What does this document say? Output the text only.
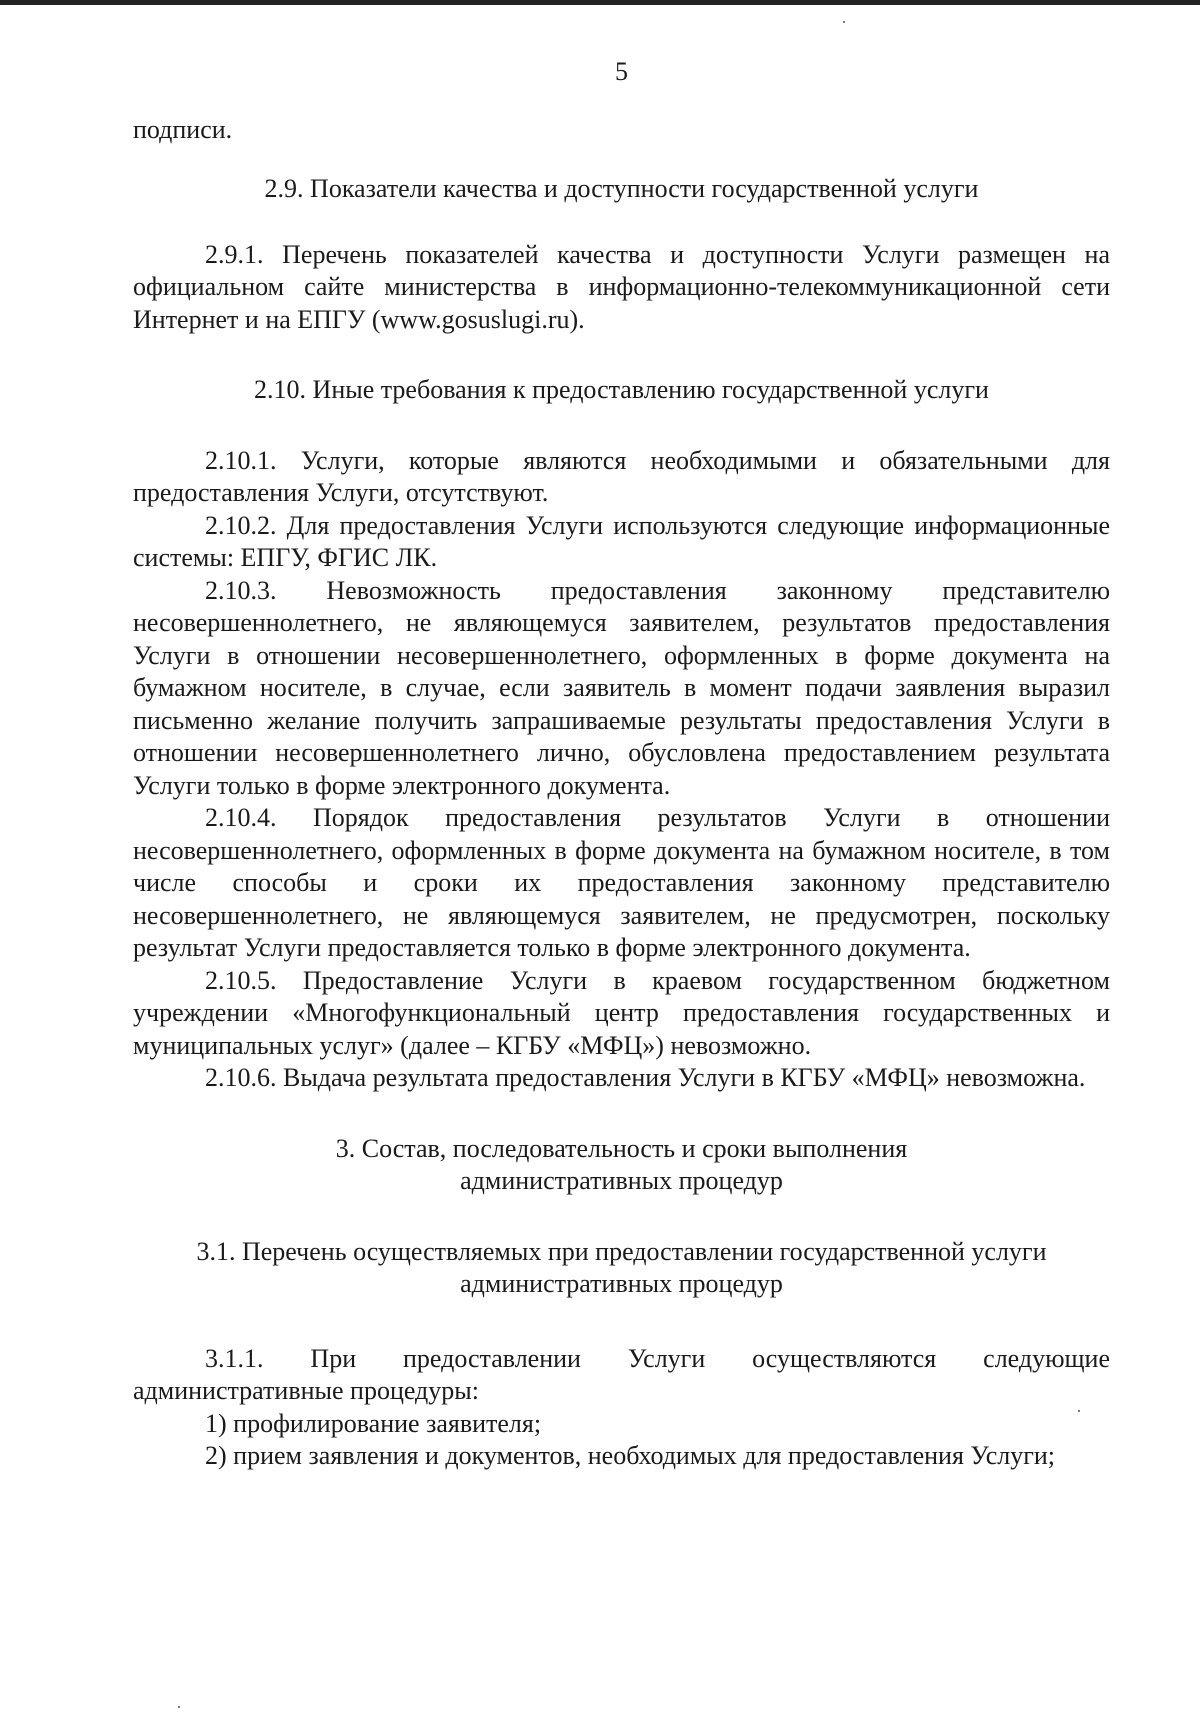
5

подписи.

2.9. Показатели качества и доступности государственной услуги

2.9.1. Перечень показателей качества и доступности Услуги размещен на официальном сайте министерства в информационно-телекоммуникационной сети Интернет и на ЕПГУ (www.gosuslugi.ru).

2.10. Иные требования к предоставлению государственной услуги

2.10.1. Услуги, которые являются необходимыми и обязательными для предоставления Услуги, отсутствуют.

2.10.2. Для предоставления Услуги используются следующие информационные системы: ЕПГУ, ФГИС ЛК.

2.10.3. Невозможность предоставления законному представителю несовершеннолетнего, не являющемуся заявителем, результатов предоставления Услуги в отношении несовершеннолетнего, оформленных в форме документа на бумажном носителе, в случае, если заявитель в момент подачи заявления выразил письменно желание получить запрашиваемые результаты предоставления Услуги в отношении несовершеннолетнего лично, обусловлена предоставлением результата Услуги только в форме электронного документа.

2.10.4. Порядок предоставления результатов Услуги в отношении несовершеннолетнего, оформленных в форме документа на бумажном носителе, в том числе способы и сроки их предоставления законному представителю несовершеннолетнего, не являющемуся заявителем, не предусмотрен, поскольку результат Услуги предоставляется только в форме электронного документа.

2.10.5. Предоставление Услуги в краевом государственном бюджетном учреждении «Многофункциональный центр предоставления государственных и муниципальных услуг» (далее – КГБУ «МФЦ») невозможно.

2.10.6. Выдача результата предоставления Услуги в КГБУ «МФЦ» невозможна.

3. Состав, последовательность и сроки выполнения
административных процедур
3.1. Перечень осуществляемых при предоставлении государственной услуги
административных процедур

3.1.1. При предоставлении Услуги осуществляются следующие административные процедуры:

1) профилирование заявителя;

2) прием заявления и документов, необходимых для предоставления Услуги;
